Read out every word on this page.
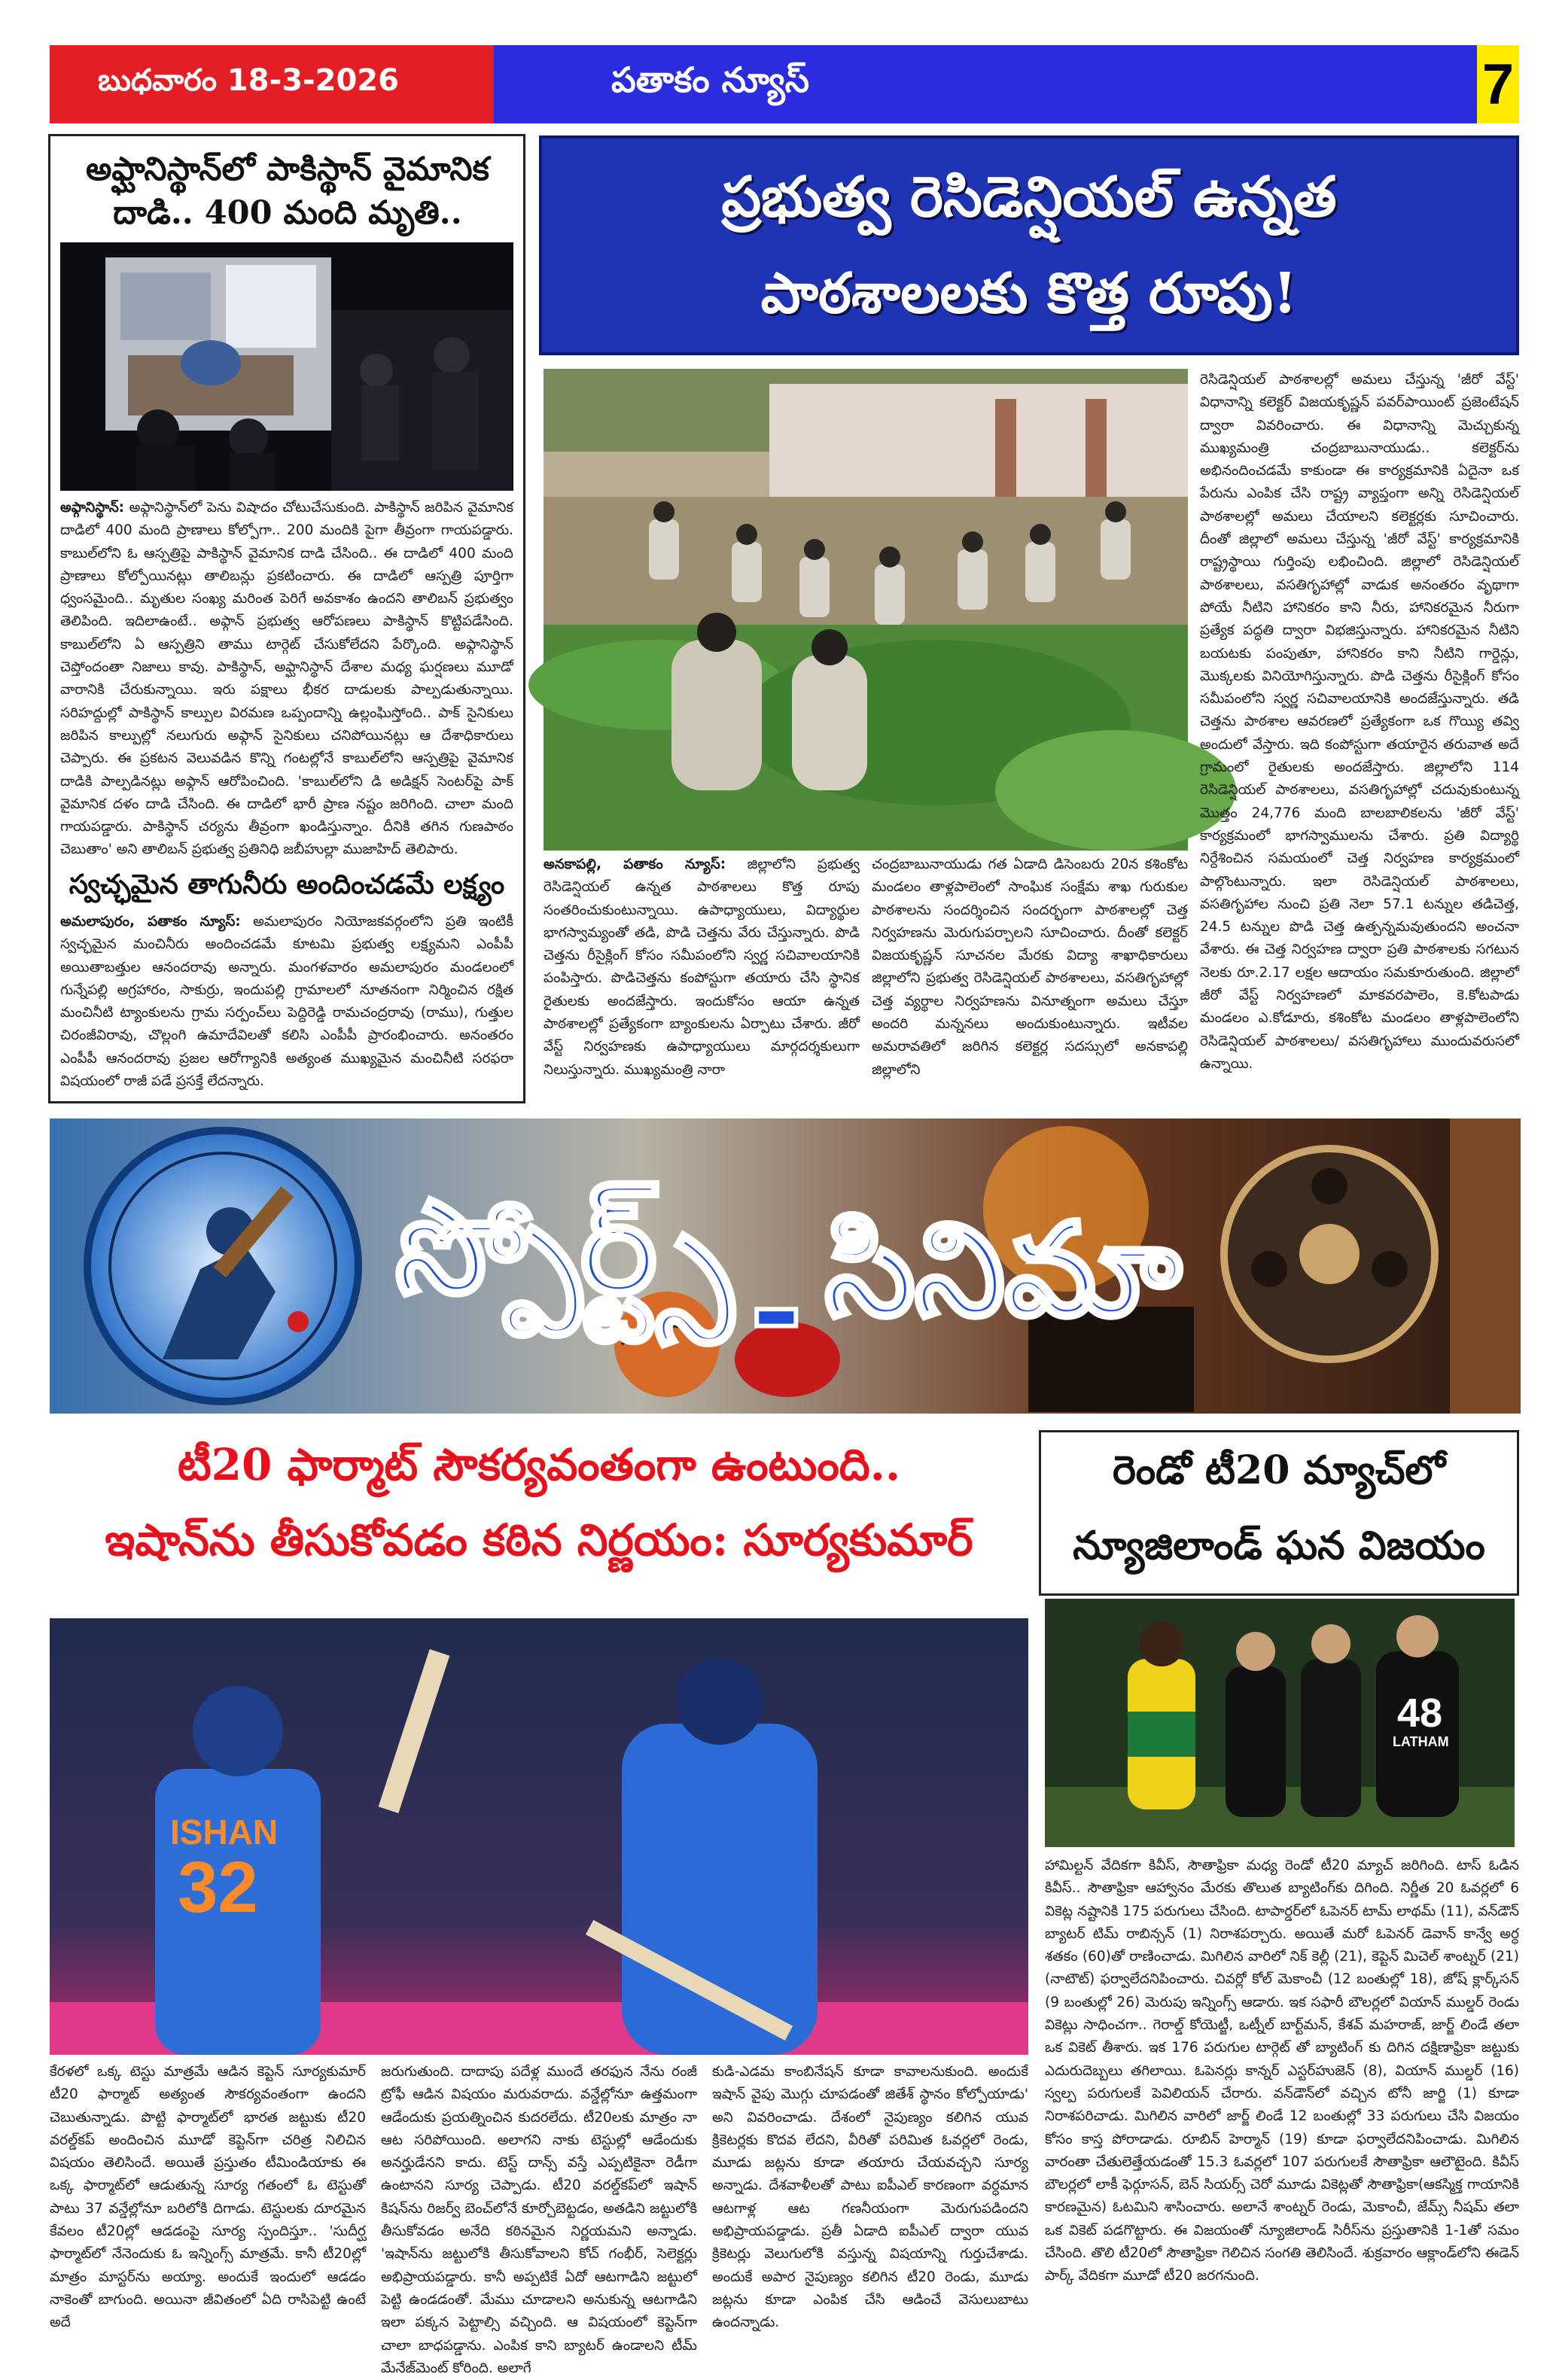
బుధవారం 18-3-2026	పతాకం న్యూస్	7
అఫ్ఘానిస్థాన్‌లో పాకిస్థాన్ వైమానిక దాడి.. 400 మంది మృతి..
అఫ్గానిస్థాన్: అఫ్గానిస్థాన్‌లో పెను విషాదం చోటుచేసుకుంది. పాకిస్థాన్ జరిపిన వైమానిక దాడిలో 400 మంది ప్రాణాలు కోల్పోగా.. 200 మందికి పైగా తీవ్రంగా గాయపడ్డారు. కాబుల్‌లోని ఓ ఆస్పత్రిపై పాకిస్థాన్ వైమానిక దాడి చేసింది.. ఈ దాడిలో 400 మంది ప్రాణాలు కోల్పోయినట్లు తాలిబన్లు ప్రకటించారు. ఈ దాడిలో ఆస్పత్రి పూర్తిగా ధ్వంసమైంది.. మృతుల సంఖ్య మరింత పెరిగే అవకాశం ఉందని తాలిబన్ ప్రభుత్వం తెలిపింది. ఇదిలాఉంటే.. అఫ్గాన్ ప్రభుత్వ ఆరోపణలు పాకిస్థాన్ కొట్టిపడేసింది. కాబుల్‌లోని ఏ ఆస్పత్రిని తాము టార్గెట్ చేసుకోలేదని పేర్కొంది. అఫ్గానిస్థాన్ చెప్తోందంతా నిజాలు కావు. పాకిస్థాన్, అఫ్ఘానిస్థాన్ దేశాల మధ్య ఘర్షణలు మూడో వారానికి చేరుకున్నాయి. ఇరు పక్షాలు భీకర దాడులకు పాల్పడుతున్నాయి. సరిహద్దుల్లో పాకిస్థాన్ కాల్పుల విరమణ ఒప్పందాన్ని ఉల్లంఘిస్తోంది.. పాక్ సైనికులు జరిపిన కాల్పుల్లో నలుగురు అఫ్గాన్ సైనికులు చనిపోయినట్లు ఆ దేశాధికారులు చెప్పారు. ఈ ప్రకటన వెలువడిన కొన్ని గంటల్లోనే కాబుల్‌లోని ఆస్పత్రిపై వైమానిక దాడికి పాల్పడినట్లు అఫ్గాన్ ఆరోపించింది. 'కాబుల్‌లోని డి అడిక్షన్ సెంటర్‌పై పాక్ వైమానిక దళం దాడి చేసింది. ఈ దాడిలో భారీ ప్రాణ నష్టం జరిగింది. చాలా మంది గాయపడ్డారు. పాకిస్థాన్ చర్యను తీవ్రంగా ఖండిస్తున్నాం. దీనికి తగిన గుణపాఠం చెబుతాం' అని తాలిబన్ ప్రభుత్వ ప్రతినిధి జబీహుల్లా ముజాహిద్ తెలిపారు.
స్వచ్ఛమైన తాగునీరు అందించడమే లక్ష్యం
అమలాపురం, పతాకం న్యూస్: అమలాపురం నియోజకవర్గంలోని ప్రతి ఇంటికీ స్వచ్ఛమైన మంచినీరు అందించడమే కూటమి ప్రభుత్వ లక్ష్యమని ఎంపీపీ అయితాబత్తుల ఆనందరావు అన్నారు. మంగళవారం అమలాపురం మండలంలో గున్నేపల్లి అగ్రహారం, సాకుర్రు, ఇందుపల్లి గ్రామాలలో నూతనంగా నిర్మించిన రక్షిత మంచినీటి ట్యాంకులను గ్రామ సర్పంచ్‌లు పెద్దిరెడ్డి రామచంద్రరావు (రాము), గుత్తుల చిరంజీవిరావు, చొల్లంగి ఉమాదేవిలతో కలిసి ఎంపీపీ ప్రారంభించారు. అనంతరం ఎంపీపీ ఆనందరావు ప్రజల ఆరోగ్యానికి అత్యంత ముఖ్యమైన మంచినీటి సరఫరా విషయంలో రాజీ పడే ప్రసక్తే లేదన్నారు.
ప్రభుత్వ రెసిడెన్షియల్ ఉన్నత
పాఠశాలలకు కొత్త రూపు!
అనకాపల్లి, పతాకం న్యూస్: జిల్లాలోని ప్రభుత్వ రెసిడెన్షియల్ ఉన్నత పాఠశాలలు కొత్త రూపు సంతరించుకుంటున్నాయి. ఉపాధ్యాయులు, విద్యార్థుల భాగస్వామ్యంతో తడి, పొడి చెత్తను వేరు చేస్తున్నారు. పొడి చెత్తను రీసైక్లింగ్ కోసం సమీపంలోని స్వర్ణ సచివాలయానికి పంపిస్తారు. పొడిచెత్తను కంపోస్టుగా తయారు చేసి స్థానిక రైతులకు అందజేస్తారు. ఇందుకోసం ఆయా ఉన్నత పాఠశాలల్లో ప్రత్యేకంగా బ్యాంకులను ఏర్పాటు చేశారు. జీరో వేస్ట్ నిర్వహణకు ఉపాధ్యాయులు మార్గదర్శకులుగా నిలుస్తున్నారు. ముఖ్యమంత్రి నారా
చంద్రబాబునాయుడు గత ఏడాది డిసెంబరు 20న కశింకోట మండలం తాళ్లపాలెంలో సాంఘిక సంక్షేమ శాఖ గురుకుల పాఠశాలను సందర్శించిన సందర్భంగా పాఠశాలల్లో చెత్త నిర్వహణను మెరుగుపర్చాలని సూచించారు. దీంతో కలెక్టర్ విజయకృష్ణన్ సూచనల మేరకు విద్యా శాఖాధికారులు జిల్లాలోని ప్రభుత్వ రెసిడెన్షియల్ పాఠశాలలు, వసతిగృహాల్లో చెత్త వ్యర్థాల నిర్వహణను వినూత్నంగా అమలు చేస్తూ అందరి మన్ననలు అందుకుంటున్నారు. ఇటీవల అమరావతిలో జరిగిన కలెక్టర్ల సదస్సులో అనకాపల్లి జిల్లాలోని
రెసిడెన్షియల్ పాఠశాలల్లో అమలు చేస్తున్న 'జీరో వేస్ట్' విధానాన్ని కలెక్టర్ విజయకృష్ణన్ పవర్‌పాయింట్ ప్రజెంటేషన్ ద్వారా వివరించారు. ఈ విధానాన్ని మెచ్చుకున్న ముఖ్యమంత్రి చంద్రబాబునాయుడు.. కలెక్టర్‌ను అభినందించడమే కాకుండా ఈ కార్యక్రమానికి ఏదైనా ఒక పేరును ఎంపిక చేసి రాష్ట్ర వ్యాప్తంగా అన్ని రెసిడెన్షియల్ పాఠశాలల్లో అమలు చేయాలని కలెక్టర్లకు సూచించారు. దీంతో జిల్లాలో అమలు చేస్తున్న 'జీరో వేస్ట్' కార్యక్రమానికి రాష్ట్రస్థాయి గుర్తింపు లభించింది. జిల్లాలో రెసిడెన్షియల్ పాఠశాలలు, వసతిగృహాల్లో వాడుక అనంతరం వృథాగా పోయే నీటిని హానికరం కాని నీరు, హానికరమైన నీరుగా ప్రత్యేక పద్ధతి ద్వారా విభజిస్తున్నారు. హానికరమైన నీటిని బయటకు పంపుతూ, హానికరం కాని నీటిని గార్డెన్లు, మొక్కలకు వినియోగిస్తున్నారు. పొడి చెత్తను రీసైక్లింగ్ కోసం సమీపంలోని స్వర్ణ సచివాలయానికి అందజేస్తున్నారు. తడి చెత్తను పాఠశాల ఆవరణలో ప్రత్యేకంగా ఒక గొయ్యి తవ్వి అందులో వేస్తారు. ఇది కంపోస్టుగా తయారైన తరువాత అదే గ్రామంలో రైతులకు అందజేస్తారు. జిల్లాలోని 114 రెసిడెన్షియల్ పాఠశాలలు, వసతిగృహాల్లో చదువుకుంటున్న మొత్తం 24,776 మంది బాలబాలికలను 'జీరో వేస్ట్' కార్యక్రమంలో భాగస్వాములను చేశారు. ప్రతి విద్యార్థి నిర్దేశించిన సమయంలో చెత్త నిర్వహణ కార్యక్రమంలో పాల్గొంటున్నారు. ఇలా రెసిడెన్షియల్ పాఠశాలలు, వసతిగృహాల నుంచి ప్రతి నెలా 57.1 టన్నుల తడిచెత్త, 24.5 టన్నుల పొడి చెత్త ఉత్పన్నమవుతుందని అంచనా వేశారు. ఈ చెత్త నిర్వహణ ద్వారా ప్రతి పాఠశాలకు సగటున నెలకు రూ.2.17 లక్షల ఆదాయం సమకూరుతుంది. జిల్లాలో జీరో వేస్ట్ నిర్వహణలో మాకవరపాలెం, కె.కోటపాడు మండలం ఎ.కోడూరు, కశింకోట మండలం తాళ్లపాలెంలోని రెసిడెన్షియల్ పాఠశాలలు/ వసతిగృహాలు ముందువరుసలో ఉన్నాయి.
స్పోర్ట్స్ - సినిమా
టీ20 ఫార్మాట్ సౌకర్యవంతంగా ఉంటుంది..
ఇషాన్‌ను తీసుకోవడం కఠిన నిర్ణయం: సూర్యకుమార్
ISHAN
32
కేరళలో ఒక్క టెస్టు మాత్రమే ఆడిన కెప్టెన్ సూర్యకుమార్ టీ20 ఫార్మాట్ అత్యంత సౌకర్యవంతంగా ఉందని చెబుతున్నాడు. పొట్టి ఫార్మాట్‌లో భారత జట్టుకు టీ20 వరల్డ్‌కప్ అందించిన మూడో కెప్టెన్‌గా చరిత్ర నిలిచిన విషయం తెలిసిందే. అయితే ప్రస్తుతం టీమిండియాకు ఈ ఒక్క ఫార్మాట్‌లో ఆడుతున్న సూర్య గతంలో ఓ టెస్టుతో పాటు 37 వన్డేల్లోనూ బరిలోకి దిగాడు. టెస్టులకు దూరమైన కేవలం టీ20ల్లో ఆడడంపై సూర్య స్పందిస్తూ.. 'సుదీర్ఘ ఫార్మాట్‌లో నేనెందుకు ఓ ఇన్నింగ్స్ మాత్రమే. కానీ టీ20ల్లో మాత్రం మాస్టర్‌ను అయ్యా. అందుకే ఇందులో ఆడడం నాకెంతో బాగుంది. అయినా జీవితంలో ఏది రాసిపెట్టి ఉంటే అదే
జరుగుతుంది. దాదాపు పదేళ్ల ముందే తరఫున నేను రంజీ ట్రోఫీ ఆడిన విషయం మరువరాదు. వన్డేల్లోనూ ఉత్తమంగా ఆడేందుకు ప్రయత్నించిన కుదరలేదు. టీ20లకు మాత్రం నా ఆట సరిపోయింది. అలాగని నాకు టెస్టుల్లో ఆడేందుకు అనర్హుడేనని కాదు. టెస్ట్ దాన్స్ వస్తే ఎప్పటికైనా రెడీగా ఉంటానని సూర్య చెప్పాడు. టీ20 వరల్డ్‌కప్‌లో ఇషాన్ కిషన్‌ను రిజర్వ్ బెంచ్‌లోనే కూర్చోబెట్టడం, అతడిని జట్టులోకి తీసుకోవడం అనేది కఠినమైన నిర్ణయమని అన్నాడు. 'ఇషాన్‌ను జట్టులోకి తీసుకోవాలని కోచ్ గంభీర్, సెలెక్టర్లు అభిప్రాయపడ్డారు. కానీ అప్పటికే ఏదో ఆటగాడిని జట్టులో పెట్టి ఉండడంతో. మేము చూడాలని అనుకున్న ఆటగాడిని ఇలా పక్కన పెట్టాల్సి వచ్చింది. ఆ విషయంలో కెప్టెన్‌గా చాలా బాధపడ్డాను. ఎంపిక కాని బ్యాటర్ ఉండాలని టీమ్ మేనేజ్‌మెంట్ కోరింది. అలాగే
కుడి-ఎడమ కాంబినేషన్ కూడా కావాలనుకుంది. అందుకే ఇషాన్ వైపు మొగ్గు చూపడంతో జితేశ్ స్థానం కోల్పోయాడు' అని వివరించాడు. దేశంలో నైపుణ్యం కలిగిన యువ క్రికెటర్లకు కొదవ లేదని, వీరితో పరిమిత ఓవర్లలో రెండు, మూడు జట్లను కూడా తయారు చేయవచ్చని సూర్య అన్నాడు. దేశవాళీలతో పాటు ఐపీఎల్ కారణంగా వర్ధమాన ఆటగాళ్ల ఆట గణనీయంగా మెరుగుపడిందని అభిప్రాయపడ్డాడు. ప్రతీ ఏడాది ఐపీఎల్ ద్వారా యువ క్రికెటర్లు వెలుగులోకి వస్తున్న విషయాన్ని గుర్తుచేశాడు. అందుకే అపార నైపుణ్యం కలిగిన టీ20 రెండు, మూడు జట్లను కూడా ఎంపిక చేసి ఆడించే వెసులుబాటు ఉందన్నాడు.
రెండో టీ20 మ్యాచ్‌లో
న్యూజిలాండ్ ఘన విజయం
48
LATHAM
హామిల్టన్ వేదికగా కివీస్, సౌతాఫ్రికా మధ్య రెండో టీ20 మ్యాచ్ జరిగింది. టాస్ ఓడిన కివీస్.. సౌతాఫ్రికా ఆహ్వానం మేరకు తొలుత బ్యాటింగ్‌కు దిగింది. నిర్ణీత 20 ఓవర్లలో 6 వికెట్ల నష్టానికి 175 పరుగులు చేసింది. టాపార్డర్‌లో ఓపెనర్ టామ్ లాథమ్ (11), వన్‌డౌన్ బ్యాటర్ టిమ్ రాబిన్సన్ (1) నిరాశపర్చారు. అయితే మరో ఓపెనర్ డెవాన్ కాన్వే అర్ధ శతకం (60)తో రాణించాడు. మిగిలిన వారిలో నిక్ కెల్లీ (21), కెప్టెన్ మిచెల్ శాంట్నర్ (21)(నాటౌట్) ఫర్వాలేదనిపించారు. చివర్లో కోల్ మెకాంచీ (12 బంతుల్లో 18), జోష్ క్లార్క్‌సన్ (9 బంతుల్లో 26) మెరుపు ఇన్నింగ్స్ ఆడారు. ఇక సఫారీ బౌలర్లలో వియాన్ ముల్డర్ రెండు వికెట్లు సాధించగా.. గెరాల్డ్ కోయెట్జీ, ఒట్నీల్ బార్ట్‌మన్, కేశవ్ మహరాజ్, జార్జ్ లిండే తలా ఒక వికెట్ తీశారు. ఇక 176 పరుగుల టార్గెట్ తో బ్యాటింగ్ కు దిగిన దక్షిణాఫ్రికా జట్టుకు ఎదురుదెబ్బలు తగిలాయి. ఓపెనర్లు కాన్నర్ ఎస్టర్‌హుజెన్ (8), వియాన్ ముల్డర్ (16) స్వల్ప పరుగులకే పెవిలియన్ చేరారు. వన్‌డౌన్‌లో వచ్చిన టోనీ జార్జి (1) కూడా నిరాశపరిచాడు. మిగిలిన వారిలో జార్జ్ లిండే 12 బంతుల్లో 33 పరుగులు చేసి విజయం కోసం కాస్త పోరాడాడు. రూబిన్ హెర్మాన్ (19) కూడా ఫర్వాలేదనిపించాడు. మిగిలిన వారంతా చేతులెత్తేయడంతో 15.3 ఓవర్లలో 107 పరుగులకే సౌతాఫ్రికా ఆలౌటైంది. కివీస్ బౌలర్లలో లాకీ ఫెర్గూసన్, బెన్ సియర్స్ చెరో మూడు వికెట్లతో సౌతాఫ్రికా(ఆకస్మిక్త గాయానికి కారణమైన) ఓటమిని శాసించారు. అలానే శాంట్నర్ రెండు, మెకాంచీ, జేమ్స్ నీషమ్ తలా ఒక వికెట్ పడగొట్టారు. ఈ విజయంతో న్యూజిలాండ్ సిరీస్‌ను ప్రస్తుతానికి 1-1తో సమం చేసింది. తొలి టీ20లో సౌతాఫ్రికా గెలిచిన సంగతి తెలిసిందే. శుక్రవారం ఆక్లాండ్‌లోని ఈడెన్ పార్క్ వేదికగా మూడో టీ20 జరగనుంది.
